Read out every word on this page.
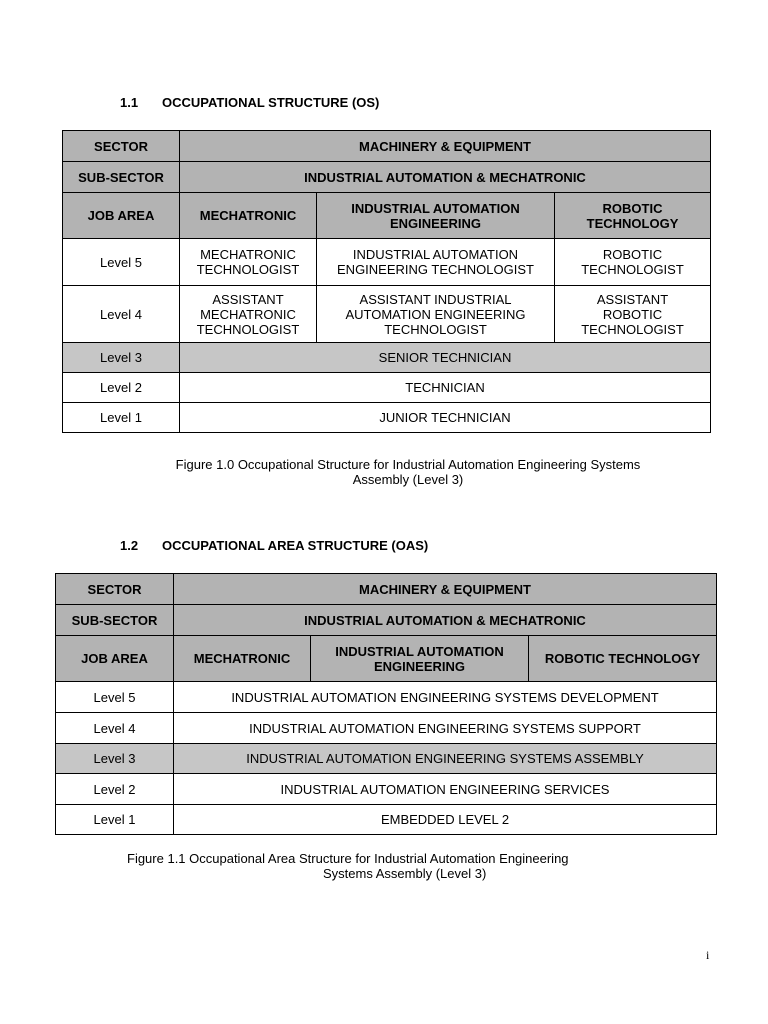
1.1 OCCUPATIONAL STRUCTURE (OS)
SECTOR	MACHINERY & EQUIPMENT		
SUB-SECTOR	INDUSTRIAL AUTOMATION & MECHATRONIC		
JOB AREA	MECHATRONIC	INDUSTRIAL AUTOMATION ENGINEERING	ROBOTIC TECHNOLOGY
Level 5	MECHATRONIC TECHNOLOGIST	INDUSTRIAL AUTOMATION ENGINEERING TECHNOLOGIST	ROBOTIC TECHNOLOGIST
Level 4	ASSISTANT MECHATRONIC TECHNOLOGIST	ASSISTANT INDUSTRIAL AUTOMATION ENGINEERING TECHNOLOGIST	ASSISTANT ROBOTIC TECHNOLOGIST
Level 3	SENIOR TECHNICIAN		
Level 2	TECHNICIAN		
Level 1	JUNIOR TECHNICIAN		
Figure 1.0 Occupational Structure for Industrial Automation Engineering Systems
Assembly (Level 3)
1.2 OCCUPATIONAL AREA STRUCTURE (OAS)
SECTOR	MACHINERY & EQUIPMENT		
SUB-SECTOR	INDUSTRIAL AUTOMATION & MECHATRONIC		
JOB AREA	MECHATRONIC	INDUSTRIAL AUTOMATION ENGINEERING	ROBOTIC TECHNOLOGY
Level 5	INDUSTRIAL AUTOMATION ENGINEERING SYSTEMS DEVELOPMENT		
Level 4	INDUSTRIAL AUTOMATION ENGINEERING SYSTEMS SUPPORT		
Level 3	INDUSTRIAL AUTOMATION ENGINEERING SYSTEMS ASSEMBLY		
Level 2	INDUSTRIAL AUTOMATION ENGINEERING SERVICES		
Level 1	EMBEDDED LEVEL 2		
Figure 1.1 Occupational Area Structure for Industrial Automation Engineering
Systems Assembly (Level 3)
i
